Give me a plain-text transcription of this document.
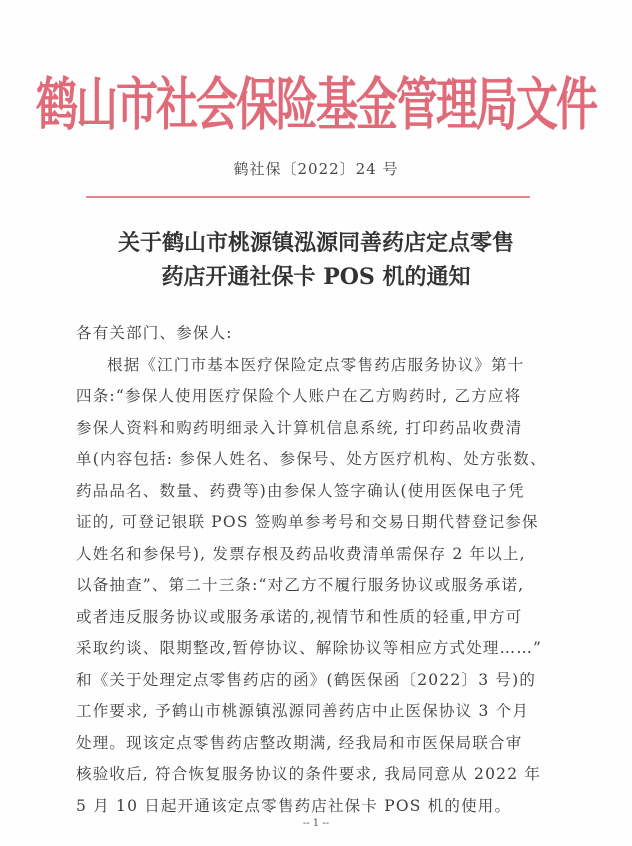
鹤山市社会保险基金管理局文件
鹤社保〔2022〕24 号
关于鹤山市桃源镇泓源同善药店定点零售
药店开通社保卡 POS 机的通知
各有关部门、参保人:
根据《江门市基本医疗保险定点零售药店服务协议》第十
四条:“参保人使用医疗保险个人账户在乙方购药时, 乙方应将
参保人资料和购药明细录入计算机信息系统, 打印药品收费清
单(内容包括: 参保人姓名、参保号、处方医疗机构、处方张数、
药品品名、数量、药费等)由参保人签字确认(使用医保电子凭
证的, 可登记银联 POS 签购单参考号和交易日期代替登记参保
人姓名和参保号), 发票存根及药品收费清单需保存 2 年以上,
以备抽查”、第二十三条:“对乙方不履行服务协议或服务承诺,
或者违反服务协议或服务承诺的,视情节和性质的轻重,甲方可
采取约谈、限期整改,暂停协议、解除协议等相应方式处理……”
和《关于处理定点零售药店的函》(鹤医保函〔2022〕3 号)的
工作要求, 予鹤山市桃源镇泓源同善药店中止医保协议 3 个月
处理。现该定点零售药店整改期满, 经我局和市医保局联合审
核验收后, 符合恢复服务协议的条件要求, 我局同意从 2022 年
5 月 10 日起开通该定点零售药店社保卡 POS 机的使用。
-- 1 --
